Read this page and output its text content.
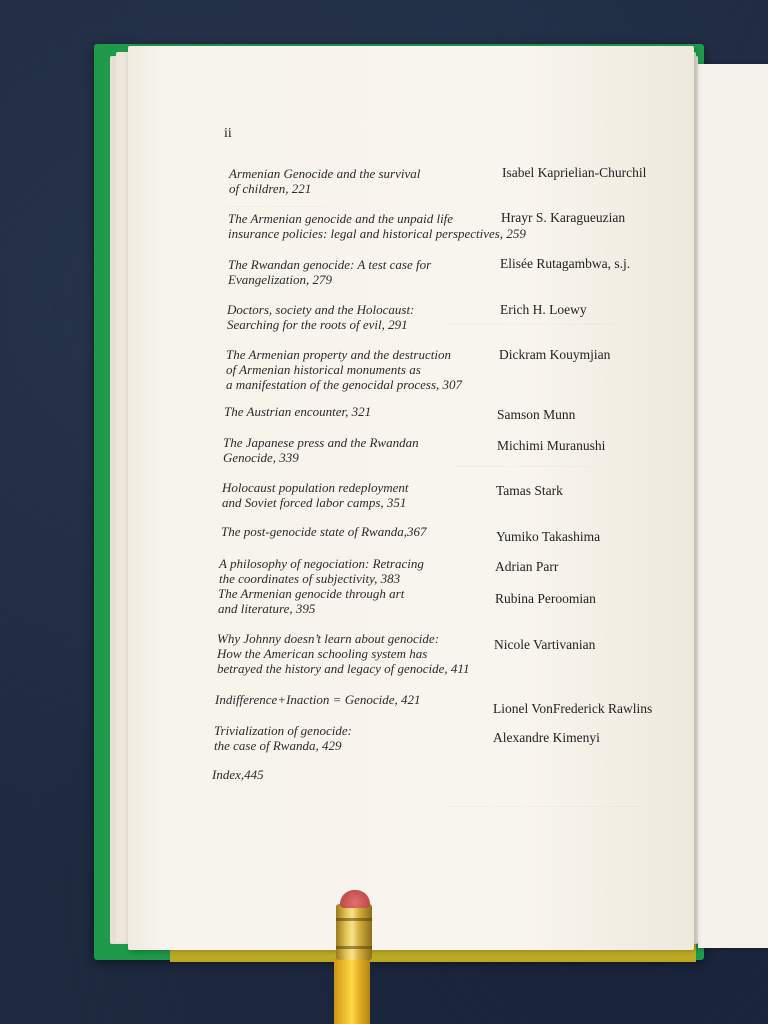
———— —————
—————— ——— ——————
————— ———————
———— ——— ——————— ———
ii
Armenian Genocide and the survival
of children, 221
Isabel Kaprielian-Churchil
The Armenian genocide and the unpaid life
insurance policies: legal and historical perspectives, 259
Hrayr S. Karagueuzian
The Rwandan genocide: A test case for
Evangelization, 279
Elisée Rutagambwa, s.j.
Doctors, society and the Holocaust:
Searching for the roots of evil, 291
Erich H. Loewy
The Armenian property and the destruction
of Armenian historical monuments as
a manifestation of the genocidal process, 307
Dickram Kouymjian
The Austrian encounter, 321	Samson Munn
The Japanese press and the Rwandan
Genocide, 339
Michimi Muranushi
Holocaust population redeployment
and Soviet forced labor camps, 351
Tamas Stark
The post-genocide state of Rwanda,367	Yumiko Takashima
A philosophy of negociation: Retracing
the coordinates of subjectivity, 383
Adrian Parr
The Armenian genocide through art
and literature, 395
Rubina Peroomian
Why Johnny doesn’t learn about genocide:
How the American schooling system has
betrayed the history and legacy of genocide, 411
Nicole Vartivanian
Indifference+Inaction = Genocide, 421
Lionel VonFrederick Rawlins
Trivialization of genocide:
the case of Rwanda, 429
Alexandre Kimenyi
Index,445
